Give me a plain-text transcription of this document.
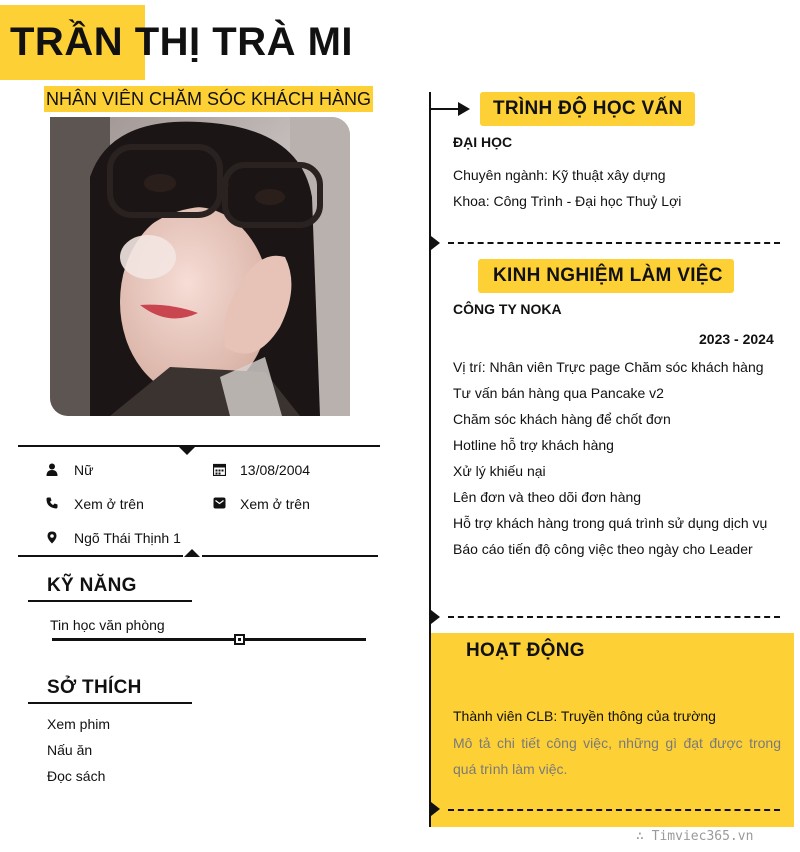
TRẦN THỊ TRÀ MI
NHÂN VIÊN CHĂM SÓC KHÁCH HÀNG
Nữ	13/08/2004
Xem ở trên	Xem ở trên
Ngõ Thái Thịnh 1
KỸ NĂNG
Tin học văn phòng
SỞ THÍCH
Xem phim
Nấu ăn
Đọc sách
TRÌNH ĐỘ HỌC VẤN
ĐẠI HỌC
Chuyên ngành: Kỹ thuật xây dựng
Khoa: Công Trình - Đại học Thuỷ Lợi
KINH NGHIỆM LÀM VIỆC
CÔNG TY NOKA
2023 - 2024
Vị trí: Nhân viên Trực page Chăm sóc khách hàng
Tư vấn bán hàng qua Pancake v2
Chăm sóc khách hàng để chốt đơn
Hotline hỗ trợ khách hàng
Xử lý khiếu nại
Lên đơn và theo dõi đơn hàng
Hỗ trợ khách hàng trong quá trình sử dụng dịch vụ
Báo cáo tiến độ công việc theo ngày cho Leader
HOẠT ĐỘNG
Thành viên CLB: Truyền thông của trường
Mô tả chi tiết công việc, những gì đạt được trong quá trình làm việc.
∴ Timviec365.vn
